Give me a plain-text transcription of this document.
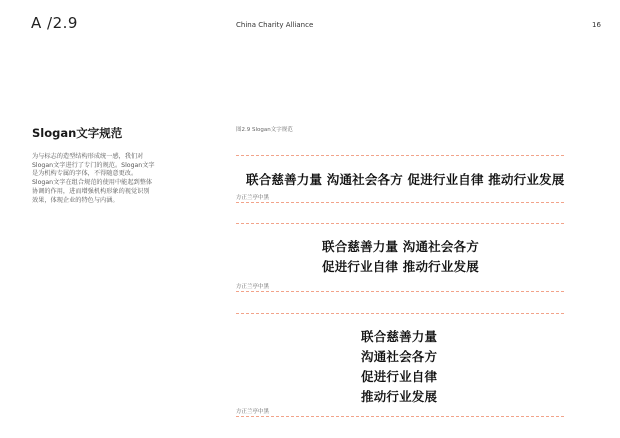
A /2.9	China Charity Alliance	16
Slogan文字规范

为与标志的造型结构形成统一感，我们对
Slogan文字进行了专门的规范。Slogan文字
是为机构专属的字体，不得随意更改。
Slogan文字在组合规范的使用中能起到整体
协调的作用，进而增强机构形象的视觉识别
效果，体现企业的特色与内涵。

图2.9 Slogan文字规范
联合慈善力量 沟通社会各方 促进行业自律 推动行业发展
方正兰亭中黑
联合慈善力量 沟通社会各方
促进行业自律 推动行业发展
方正兰亭中黑
联合慈善力量
沟通社会各方
促进行业自律
推动行业发展
方正兰亭中黑
